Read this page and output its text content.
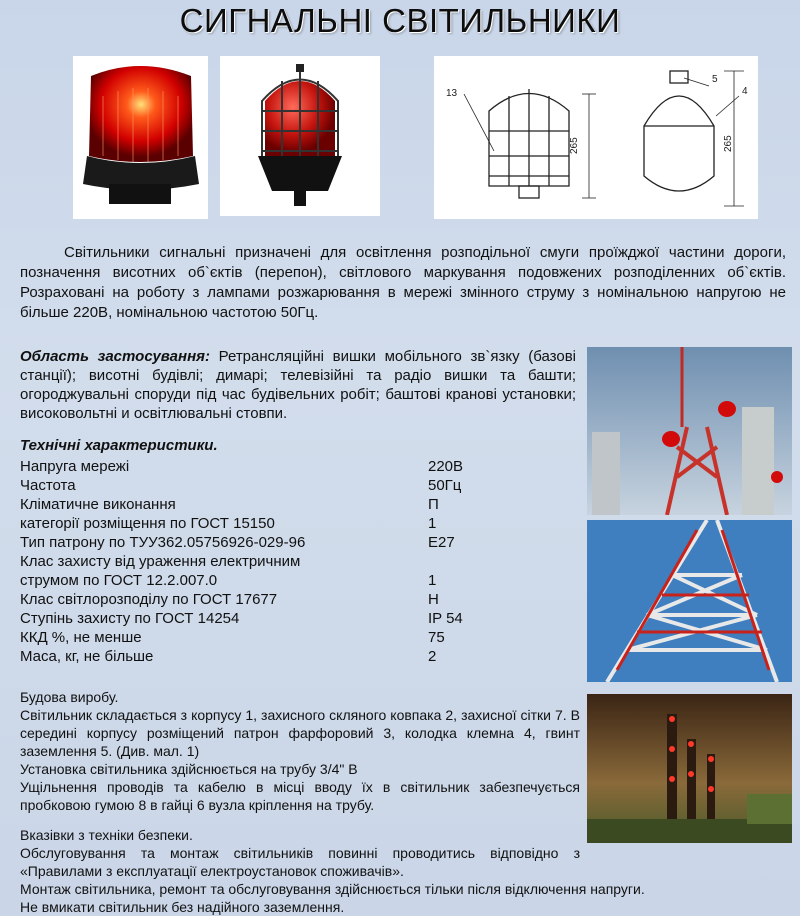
СИГНАЛЬНІ СВІТИЛЬНИКИ
13
265
5
4
265
Світильники сигнальні призначені для освітлення розподільної смуги проїжджої частини дороги, позначення висотних об`єктів (перепон), світлового маркування подовжених розподіленних об`єктів. Розраховані на роботу з лампами розжарювання в мережі змінного струму з номінальною напругою не більше 220В, номінальною частотою 50Гц.
Область застосування: Ретрансляційні вишки мобільного зв`язку (базові станції); висотні будівлі; димарі; телевізійні та радіо вишки та башти; огороджувальні споруди під час будівельних робіт; баштові кранові установки; високовольтні и освітлювальні стовпи.
Технічні характеристики.
Напруга мережі	220В
Частота	50Гц
Кліматичне виконання	П
категорії розміщення по ГОСТ 15150	1
Тип патрону по ТУУ362.05756926-029-96	Е27
Клас захисту від ураження електричним
струмом по ГОСТ 12.2.007.0	1
Клас світлорозподілу по ГОСТ 17677	Н
Ступінь захисту по ГОСТ 14254	IP 54
ККД %, не менше	75
Маса, кг, не більше	2

Будова виробу.

Світильник складається з корпусу 1, захисного скляного ковпака 2, захисної сітки 7. В середині корпусу розміщений патрон фарфоровий 3, колодка клемна 4, гвинт заземлення 5. (Див. мал. 1)

Установка світильника здійснюється на трубу 3/4" В

Ущільнення проводів та кабелю в місці вводу їх в світильник забезпечується пробковою гумою 8 в гайці 6 вузла кріплення на трубу.

Вказівки з техніки безпеки.

Обслуговування та монтаж світильників повинні проводитись відповідно з «Правилами з експлуатації електроустановок споживачів».

Монтаж світильника, ремонт та обслуговування здійснюється тільки після відключення напруги.

Не вмикати світильник без надійного заземлення.
